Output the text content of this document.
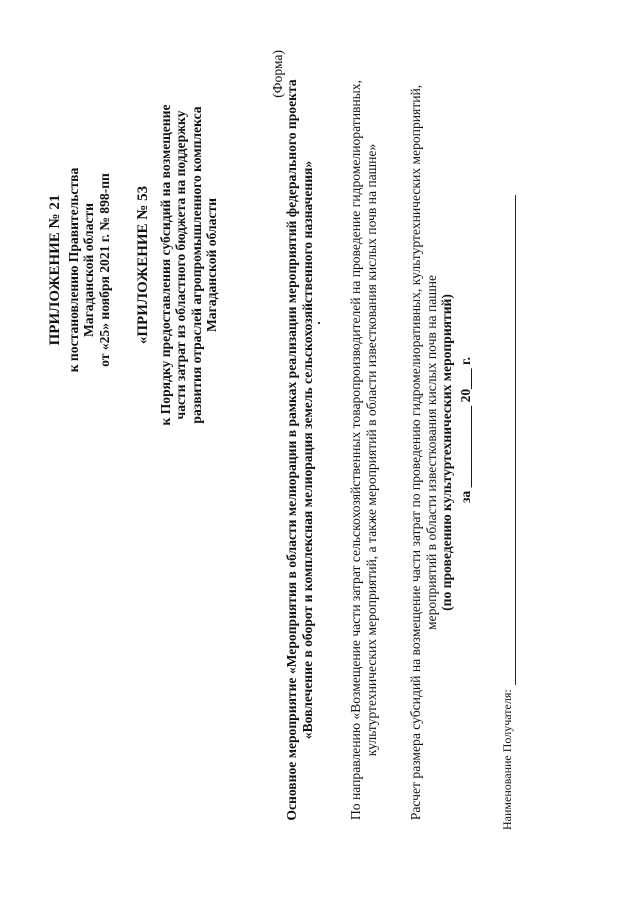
ПРИЛОЖЕНИЕ № 21 к постановлению Правительства Магаданской области от «25» ноября 2021 г. № 898-пп «ПРИЛОЖЕНИЕ № 53 к Порядку предоставления субсидий на возмещение части затрат из областного бюджета на поддержку развития отраслей агропромышленного комплекса Магаданской области
(Форма)
Основное мероприятие «Мероприятия в области мелиорации в рамках реализации мероприятий федерального проекта «Вовлечение в оборот и комплексная мелиорация земель сельскохозяйственного назначения» По направлению «Возмещение части затрат сельскохозяйственных товаропроизводителей на проведение гидромелиоративных, культуртехнических мероприятий, а также мероприятий в области известкования кислых почв на пашне» Расчет размера субсидий на возмещение части затрат по проведению гидромелиоративных, культуртехнических мероприятий, мероприятий в области известкования кислых почв на пашне (по проведению культуртехнических мероприятий) за ____________ 20___ г.
Наименование Получателя:
